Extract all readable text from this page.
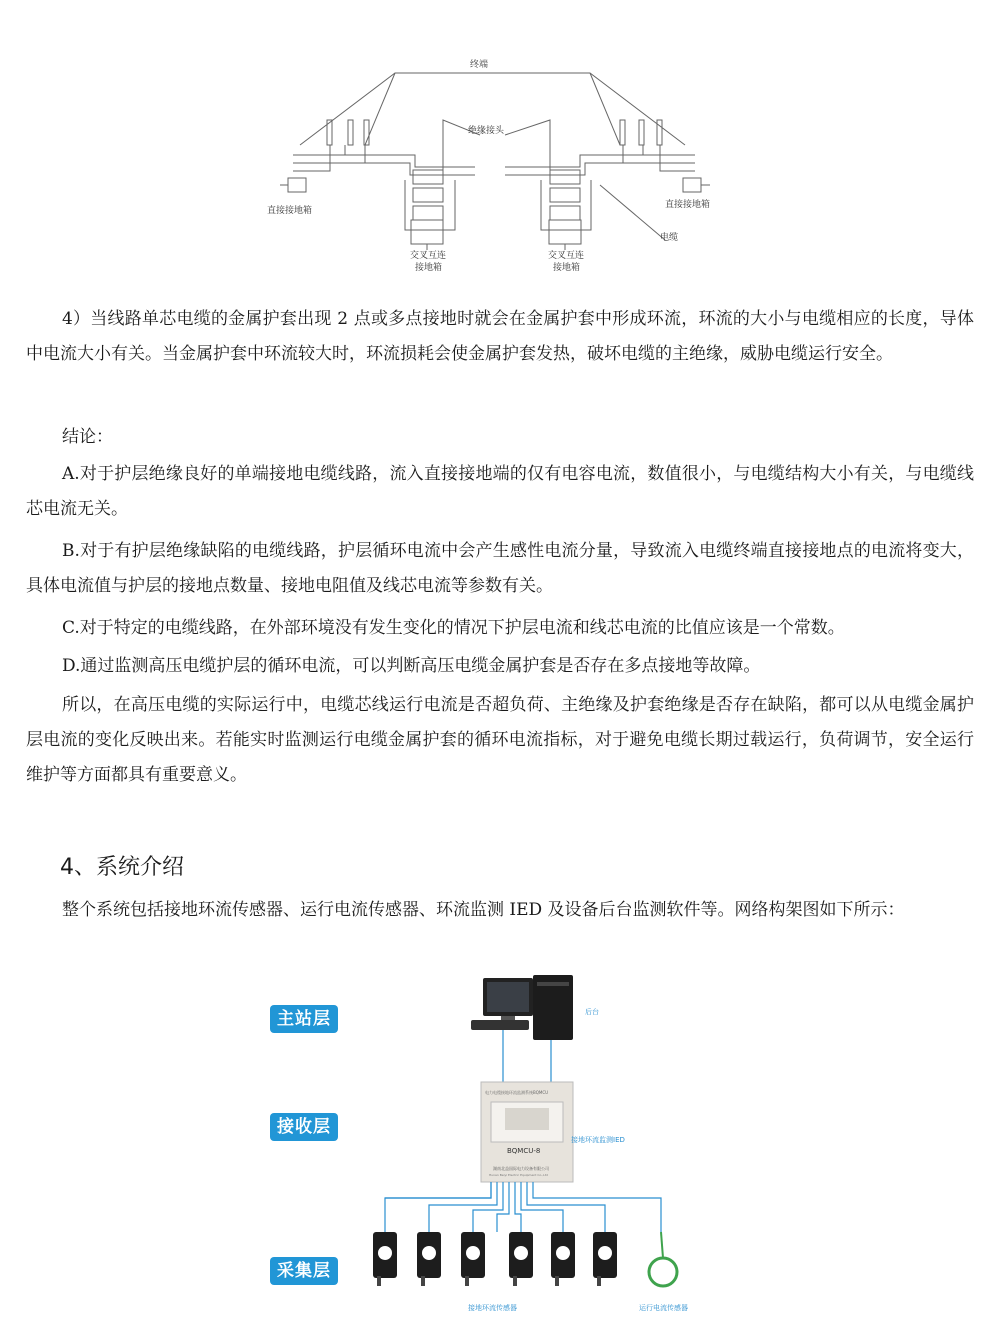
终端
绝缘接头
直接接地箱
直接接地箱
电缆
交叉互连
接地箱
交叉互连
接地箱

4）当线路单芯电缆的金属护套出现 2 点或多点接地时就会在金属护套中形成环流，环流的大小与电缆相应的长度，导体中电流大小有关。当金属护套中环流较大时，环流损耗会使金属护套发热，破坏电缆的主绝缘，威胁电缆运行安全。

结论：

A.对于护层绝缘良好的单端接地电缆线路，流入直接接地端的仅有电容电流，数值很小，与电缆结构大小有关，与电缆线芯电流无关。

B.对于有护层绝缘缺陷的电缆线路，护层循环电流中会产生感性电流分量，导致流入电缆终端直接接地点的电流将变大，具体电流值与护层的接地点数量、接地电阻值及线芯电流等参数有关。

C.对于特定的电缆线路，在外部环境没有发生变化的情况下护层电流和线芯电流的比值应该是一个常数。

D.通过监测高压电缆护层的循环电流，可以判断高压电缆金属护套是否存在多点接地等故障。

所以，在高压电缆的实际运行中，电缆芯线运行电流是否超负荷、主绝缘及护套绝缘是否存在缺陷，都可以从电缆金属护层电流的变化反映出来。若能实时监测运行电缆金属护套的循环电流指标，对于避免电缆长期过载运行，负荷调节，安全运行维护等方面都具有重要意义。

4、系统介绍

整个系统包括接地环流传感器、运行电流传感器、环流监测 IED 及设备后台监测软件等。网络构架图如下所示：

主站层
接收层
采集层
后台
电力电缆接地环流监测系统BQMCU
BQMCU-8
湖南北益国际电力设备有限公司
Hunan Beiyi Electric Equipment Co.,Ltd
接地环流监测IED
接地环流传感器	运行电流传感器
